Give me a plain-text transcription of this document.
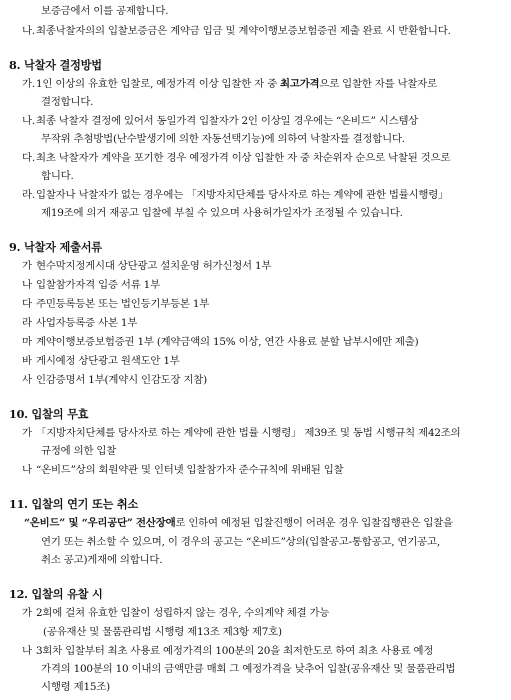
보증금에서 이를 공제합니다.
나.최종낙찰자의의 입찰보증금은 계약금 입금 및 계약이행보증보험증권 제출 완료 시 반환합니다.
8. 낙찰자 결정방법
가.1인 이상의 유효한 입찰로, 예정가격 이상 입찰한 자 중 최고가격으로 입찰한 자를 낙찰자로
결정합니다.
나.최종 낙찰자 결정에 있어서 동일가격 입찰자가 2인 이상일 경우에는 “온비드” 시스템상
무작위 추첨방법(난수발생기에 의한 자동선택기능)에 의하여 낙찰자를 결정합니다.
다.최초 낙찰자가 계약을 포기한 경우 예정가격 이상 입찰한 자 중 차순위자 순으로 낙찰된 것으로
합니다.
라.입찰자나 낙찰자가 없는 경우에는 「지방자치단체를 당사자로 하는 계약에 관한 법률시행령」
제19조에 의거 재공고 입찰에 부칠 수 있으며 사용허가일자가 조정될 수 있습니다.
9. 낙찰자 제출서류
가 현수막지정게시대 상단광고 설치운영 허가신청서 1부
나 입찰참가자격 입증 서류 1부
다 주민등록등본 또는 법인등기부등본 1부
라 사업자등록증 사본 1부
마 계약이행보증보험증권 1부 (계약금액의 15% 이상, 연간 사용료 분할 납부시에만 제출)
바 게시예정 상단광고 원색도안 1부
사 인감증명서 1부(계약시 인감도장 지참)
10. 입찰의 무효
가 「지방자치단체를 당사자로 하는 계약에 관한 법률 시행령」 제39조 및 동법 시행규칙 제42조의
규정에 의한 입찰
나 “온비드”상의 회원약관 및 인터넷 입찰참가자 준수규칙에 위배된 입찰
11. 입찰의 연기 또는 취소
“온비드” 및 “우리공단” 전산장애로 인하여 예정된 입찰진행이 어려운 경우 입찰집행관은 입찰을
연기 또는 취소할 수 있으며, 이 경우의 공고는 “온비드”상의(입찰공고-통합공고, 연기공고,
취소 공고)게재에 의합니다.
12. 입찰의 유찰 시
가 2회에 걸쳐 유효한 입찰이 성립하지 않는 경우, 수의계약 체결 가능
(공유재산 및 물품관리법 시행령 제13조 제3항 제7호)
나 3회차 입찰부터 최초 사용료 예정가격의 100분의 20을 최저한도로 하여 최초 사용료 예정
가격의 100분의 10 이내의 금액만큼 매회 그 예정가격을 낮추어 입찰(공유재산 및 물품관리법
시행령 제15조)
